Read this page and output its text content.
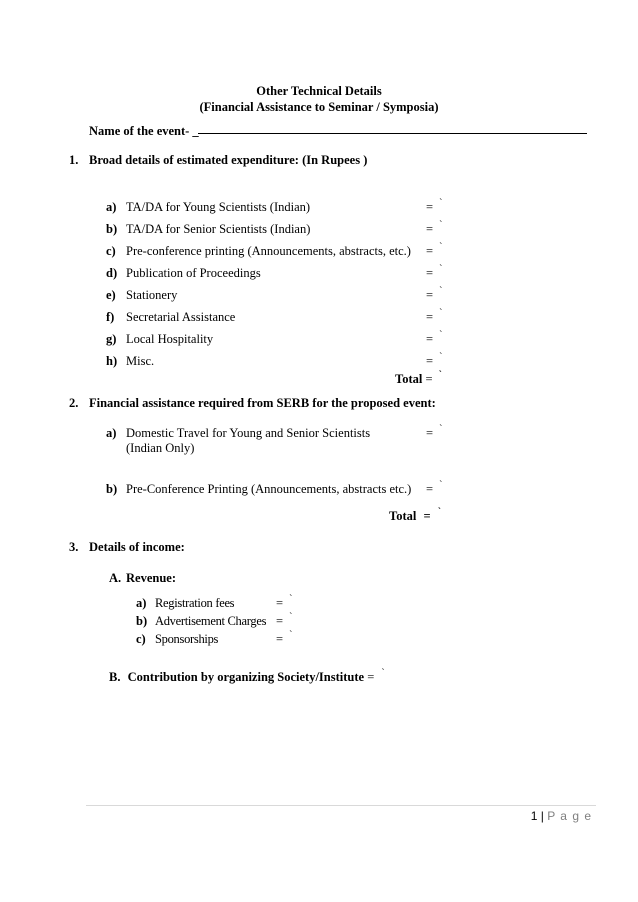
Other Technical Details
(Financial Assistance to Seminar / Symposia)
Name of the event- _
1. Broad details of estimated expenditure: (In Rupees )
a) TA/DA for Young Scientists (Indian)	= `
b) TA/DA for Senior Scientists (Indian)	= `
c) Pre-conference printing (Announcements, abstracts, etc.) = `
d) Publication of Proceedings	= `
e) Stationery	= `
f) Secretarial Assistance	= `
g) Local Hospitality	= `
h) Misc.	= `
Total = `
2. Financial assistance required from SERB for the proposed event:
a) Domestic Travel for Young and Senior Scientists
(Indian Only)
= `
b) Pre-Conference Printing (Announcements, abstracts etc.) = `
Total = `
3. Details of income:
A. Revenue:
a) Registration fees	= `
b) Advertisement Charges = `
c) Sponsorships	= `
B. Contribution by organizing Society/Institute = `
1 | P a g e
